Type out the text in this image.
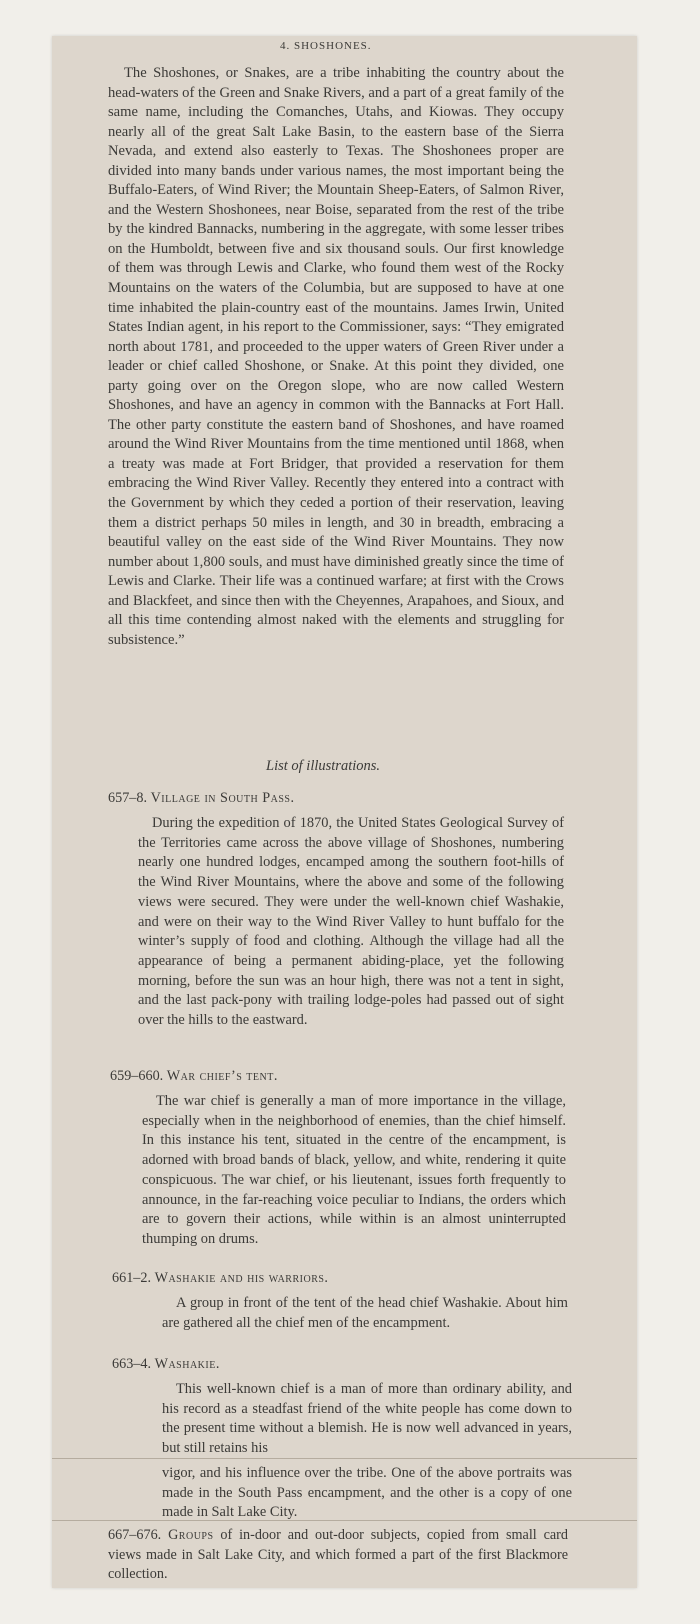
4. SHOSHONES.

The Shoshones, or Snakes, are a tribe inhabiting the country about the head-waters of the Green and Snake Rivers, and a part of a great family of the same name, including the Comanches, Utahs, and Kiowas. They occupy nearly all of the great Salt Lake Basin, to the eastern base of the Sierra Nevada, and extend also easterly to Texas. The Shoshonees proper are divided into many bands under various names, the most important being the Buffalo-Eaters, of Wind River; the Mountain Sheep-Eaters, of Salmon River, and the Western Shoshonees, near Boise, separated from the rest of the tribe by the kindred Bannacks, numbering in the aggregate, with some lesser tribes on the Humboldt, between five and six thousand souls. Our first knowledge of them was through Lewis and Clarke, who found them west of the Rocky Mountains on the waters of the Columbia, but are supposed to have at one time inhabited the plain-country east of the mountains. James Irwin, United States Indian agent, in his report to the Commissioner, says: “They emigrated north about 1781, and proceeded to the upper waters of Green River under a leader or chief called Shoshone, or Snake. At this point they divided, one party going over on the Oregon slope, who are now called Western Shoshones, and have an agency in common with the Bannacks at Fort Hall. The other party constitute the eastern band of Shoshones, and have roamed around the Wind River Mountains from the time mentioned until 1868, when a treaty was made at Fort Bridger, that provided a reservation for them embracing the Wind River Valley. Recently they entered into a contract with the Government by which they ceded a portion of their reservation, leaving them a district perhaps 50 miles in length, and 30 in breadth, embracing a beautiful valley on the east side of the Wind River Mountains. They now number about 1,800 souls, and must have diminished greatly since the time of Lewis and Clarke. Their life was a continued warfare; at first with the Crows and Blackfeet, and since then with the Cheyennes, Arapahoes, and Sioux, and all this time contending almost naked with the elements and struggling for subsistence.”

List of illustrations.

657–8. Village in South Pass.

During the expedition of 1870, the United States Geological Survey of the Territories came across the above village of Shoshones, numbering nearly one hundred lodges, encamped among the southern foot-hills of the Wind River Mountains, where the above and some of the following views were secured. They were under the well-known chief Washakie, and were on their way to the Wind River Valley to hunt buffalo for the winter’s supply of food and clothing. Although the village had all the appearance of being a permanent abiding-place, yet the following morning, before the sun was an hour high, there was not a tent in sight, and the last pack-pony with trailing lodge-poles had passed out of sight over the hills to the eastward.

659–660. War chief’s tent.

The war chief is generally a man of more importance in the village, especially when in the neighborhood of enemies, than the chief himself. In this instance his tent, situated in the centre of the encampment, is adorned with broad bands of black, yellow, and white, rendering it quite conspicuous. The war chief, or his lieutenant, issues forth frequently to announce, in the far-reaching voice peculiar to Indians, the orders which are to govern their actions, while within is an almost uninterrupted thumping on drums.

661–2. Washakie and his warriors.

A group in front of the tent of the head chief Washakie. About him are gathered all the chief men of the encampment.

663–4. Washakie.

This well-known chief is a man of more than ordinary ability, and his record as a steadfast friend of the white people has come down to the present time without a blemish. He is now well advanced in years, but still retains his

vigor, and his influence over the tribe. One of the above portraits was made in the South Pass encampment, and the other is a copy of one made in Salt Lake City.

667–676. Groups of in-door and out-door subjects, copied from small card views made in Salt Lake City, and which formed a part of the first Blackmore collection.
